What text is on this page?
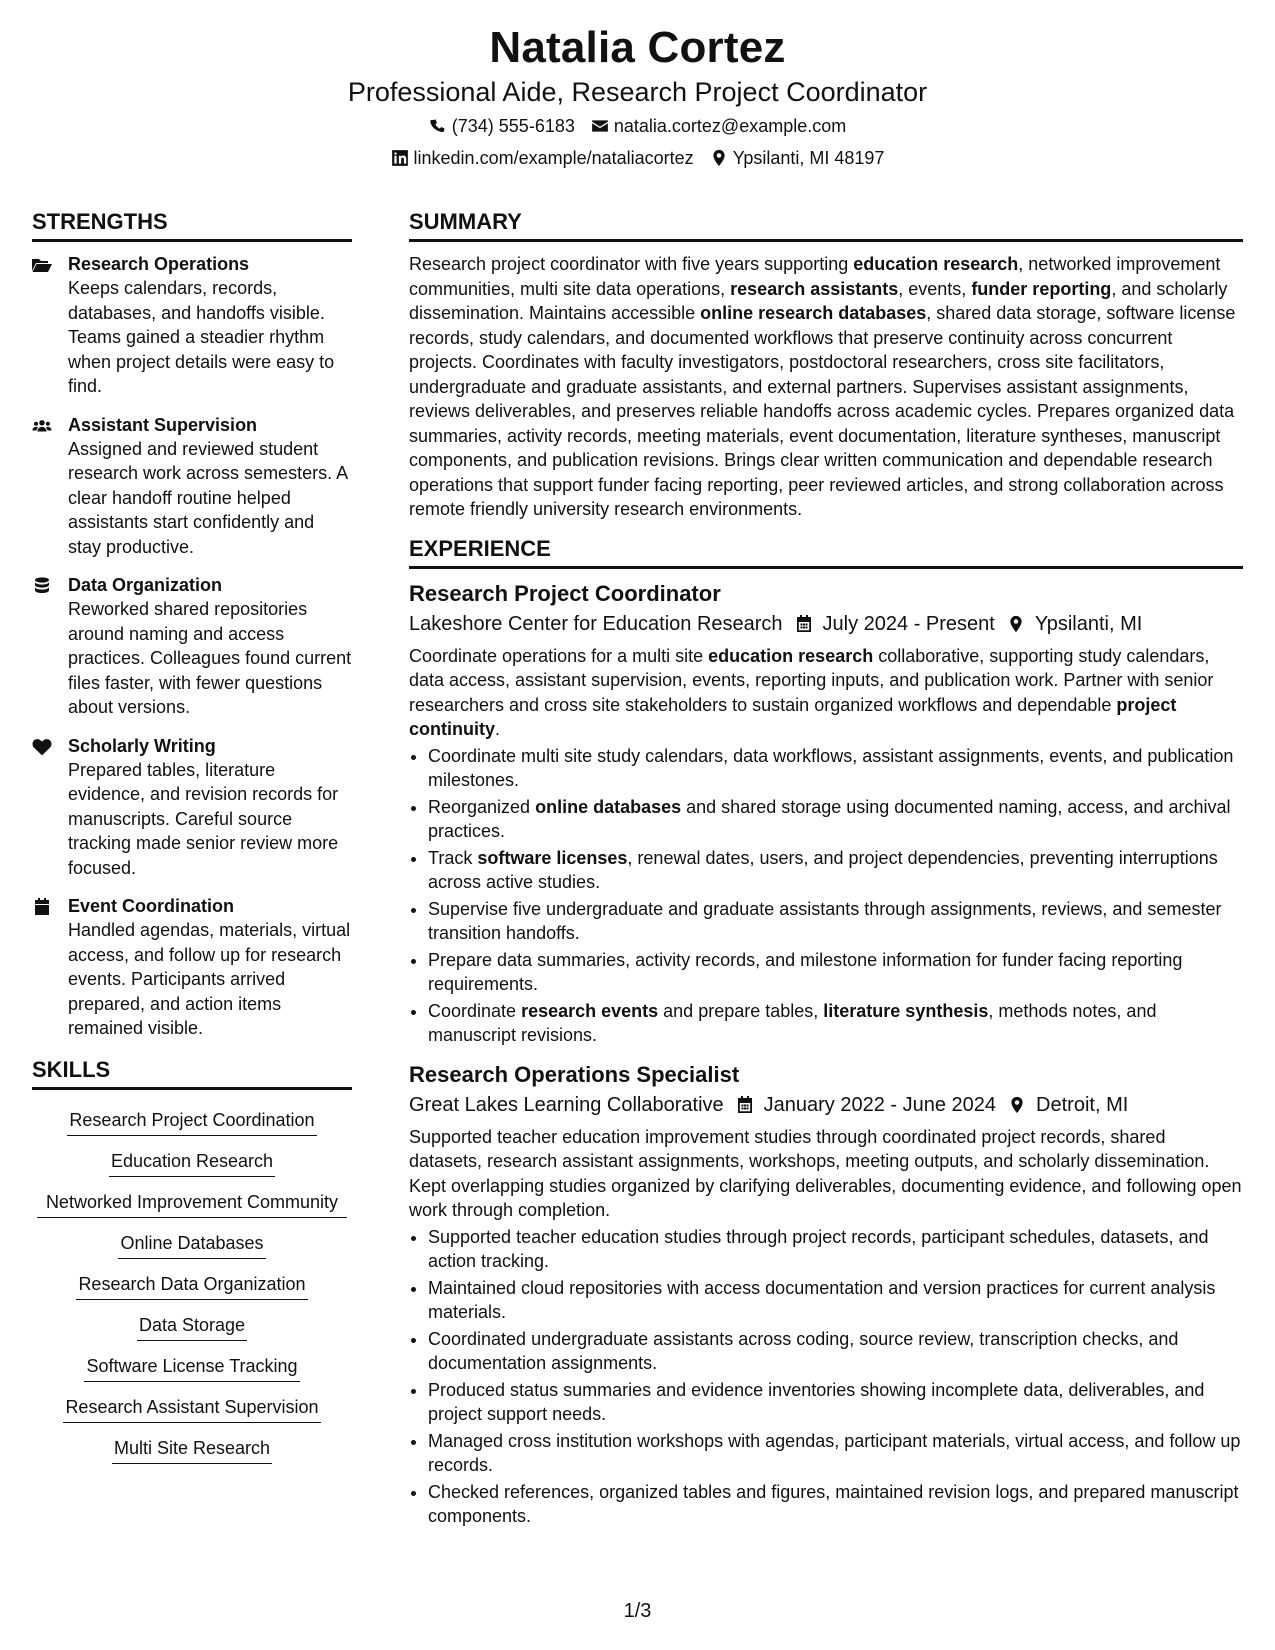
Natalia Cortez
Professional Aide, Research Project Coordinator
(734) 555-6183 natalia.cortez@example.com
linkedin.com/example/nataliacortez Ypsilanti, MI 48197
STRENGTHS
Research Operations
Keeps calendars, records, databases, and handoffs visible. Teams gained a steadier rhythm when project details were easy to find.
Assistant Supervision
Assigned and reviewed student research work across semesters. A clear handoff routine helped assistants start confidently and stay productive.
Data Organization
Reworked shared repositories around naming and access practices. Colleagues found current files faster, with fewer questions about versions.
Scholarly Writing
Prepared tables, literature evidence, and revision records for manuscripts. Careful source tracking made senior review more focused.
Event Coordination
Handled agendas, materials, virtual access, and follow up for research events. Participants arrived prepared, and action items remained visible.
SKILLS
Research Project Coordination
Education Research
Networked Improvement Community
Online Databases
Research Data Organization
Data Storage
Software License Tracking
Research Assistant Supervision
Multi Site Research
SUMMARY
Research project coordinator with five years supporting education research, networked improvement communities, multi site data operations, research assistants, events, funder reporting, and scholarly dissemination. Maintains accessible online research databases, shared data storage, software license records, study calendars, and documented workflows that preserve continuity across concurrent projects. Coordinates with faculty investigators, postdoctoral researchers, cross site facilitators, undergraduate and graduate assistants, and external partners. Supervises assistant assignments, reviews deliverables, and preserves reliable handoffs across academic cycles. Prepares organized data summaries, activity records, meeting materials, event documentation, literature syntheses, manuscript components, and publication revisions. Brings clear written communication and dependable research operations that support funder facing reporting, peer reviewed articles, and strong collaboration across remote friendly university research environments.
EXPERIENCE
Research Project Coordinator
Lakeshore Center for Education Research July 2024 - Present Ypsilanti, MI
Coordinate operations for a multi site education research collaborative, supporting study calendars, data access, assistant supervision, events, reporting inputs, and publication work. Partner with senior researchers and cross site stakeholders to sustain organized workflows and dependable project continuity.
• Coordinate multi site study calendars, data workflows, assistant assignments, events, and publication milestones.
• Reorganized online databases and shared storage using documented naming, access, and archival practices.
• Track software licenses, renewal dates, users, and project dependencies, preventing interruptions across active studies.
• Supervise five undergraduate and graduate assistants through assignments, reviews, and semester transition handoffs.
• Prepare data summaries, activity records, and milestone information for funder facing reporting requirements.
• Coordinate research events and prepare tables, literature synthesis, methods notes, and manuscript revisions.
Research Operations Specialist
Great Lakes Learning Collaborative January 2022 - June 2024 Detroit, MI
Supported teacher education improvement studies through coordinated project records, shared datasets, research assistant assignments, workshops, meeting outputs, and scholarly dissemination. Kept overlapping studies organized by clarifying deliverables, documenting evidence, and following open work through completion.
• Supported teacher education studies through project records, participant schedules, datasets, and action tracking.
• Maintained cloud repositories with access documentation and version practices for current analysis materials.
• Coordinated undergraduate assistants across coding, source review, transcription checks, and documentation assignments.
• Produced status summaries and evidence inventories showing incomplete data, deliverables, and project support needs.
• Managed cross institution workshops with agendas, participant materials, virtual access, and follow up records.
• Checked references, organized tables and figures, maintained revision logs, and prepared manuscript components.
1/3
